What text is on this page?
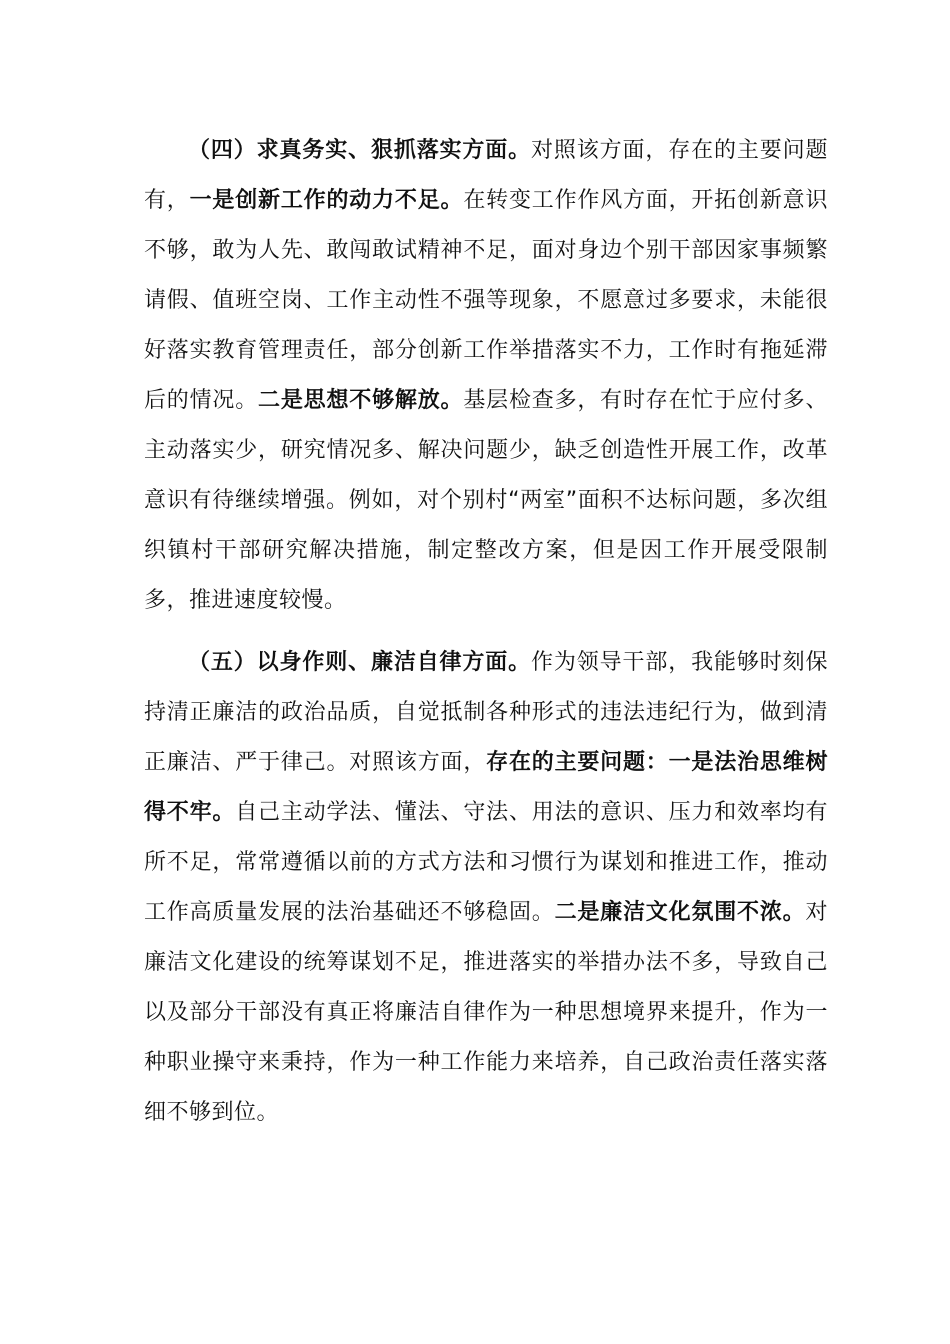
（四）求真务实、狠抓落实方面。对照该方面，存在的主要问题有，一是创新工作的动力不足。在转变工作作风方面，开拓创新意识不够，敢为人先、敢闯敢试精神不足，面对身边个别干部因家事频繁请假、值班空岗、工作主动性不强等现象，不愿意过多要求，未能很好落实教育管理责任，部分创新工作举措落实不力，工作时有拖延滞后的情况。二是思想不够解放。基层检查多，有时存在忙于应付多、主动落实少，研究情况多、解决问题少，缺乏创造性开展工作，改革意识有待继续增强。例如，对个别村“两室”面积不达标问题，多次组织镇村干部研究解决措施，制定整改方案，但是因工作开展受限制多，推进速度较慢。

（五）以身作则、廉洁自律方面。作为领导干部，我能够时刻保持清正廉洁的政治品质，自觉抵制各种形式的违法违纪行为，做到清正廉洁、严于律己。对照该方面，存在的主要问题：一是法治思维树得不牢。自己主动学法、懂法、守法、用法的意识、压力和效率均有所不足，常常遵循以前的方式方法和习惯行为谋划和推进工作，推动工作高质量发展的法治基础还不够稳固。二是廉洁文化氛围不浓。对廉洁文化建设的统筹谋划不足，推进落实的举措办法不多，导致自己以及部分干部没有真正将廉洁自律作为一种思想境界来提升，作为一种职业操守来秉持，作为一种工作能力来培养，自己政治责任落实落细不够到位。
